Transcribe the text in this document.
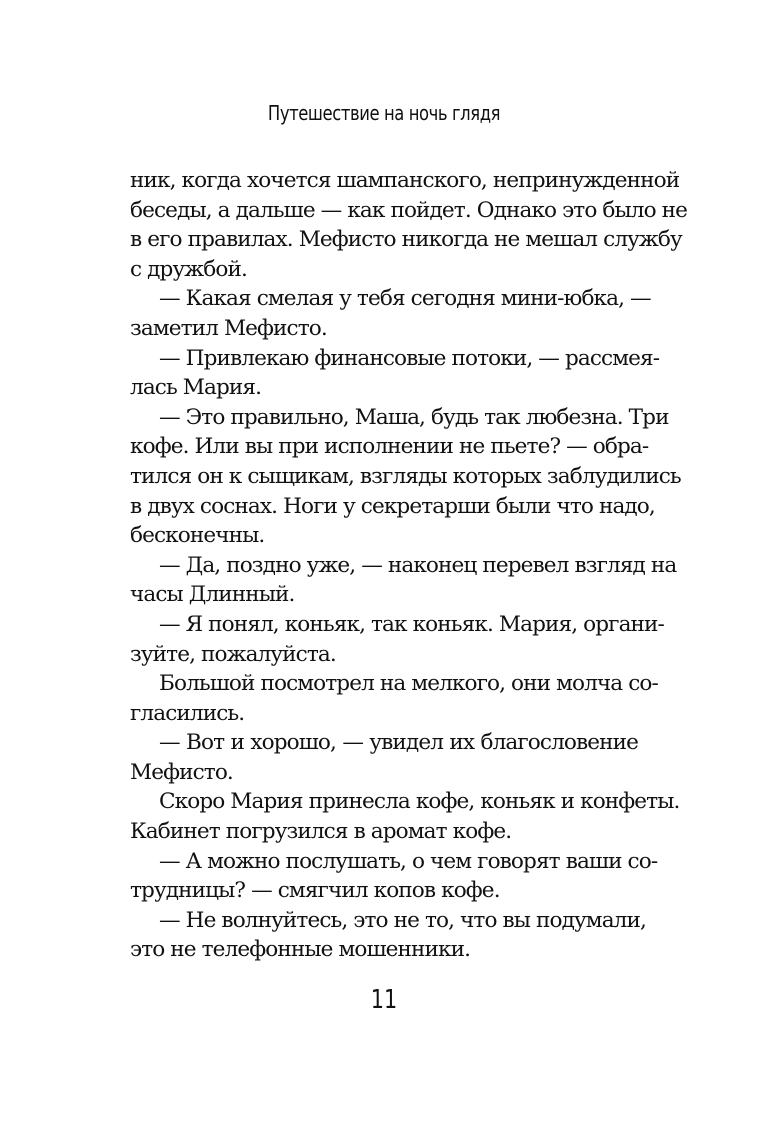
Путешествие на ночь глядя
ник, когда хочется шампанского, непринужденной
беседы, а дальше — как пойдет. Однако это было не
в его правилах. Мефисто никогда не мешал службу
с дружбой.
— Какая смелая у тебя сегодня мини-юбка, —
заметил Мефисто.
— Привлекаю финансовые потоки, — рассмея-
лась Мария.
— Это правильно, Маша, будь так любезна. Три
кофе. Или вы при исполнении не пьете? — обра-
тился он к сыщикам, взгляды которых заблудились
в двух соснах. Ноги у секретарши были что надо,
бесконечны.
— Да, поздно уже, — наконец перевел взгляд на
часы Длинный.
— Я понял, коньяк, так коньяк. Мария, органи-
зуйте, пожалуйста.
Большой посмотрел на мелкого, они молча со-
гласились.
— Вот и хорошо, — увидел их благословение
Мефисто.
Скоро Мария принесла кофе, коньяк и конфеты.
Кабинет погрузился в аромат кофе.
— А можно послушать, о чем говорят ваши со-
трудницы? — смягчил копов кофе.
— Не волнуйтесь, это не то, что вы подумали,
это не телефонные мошенники.
11
